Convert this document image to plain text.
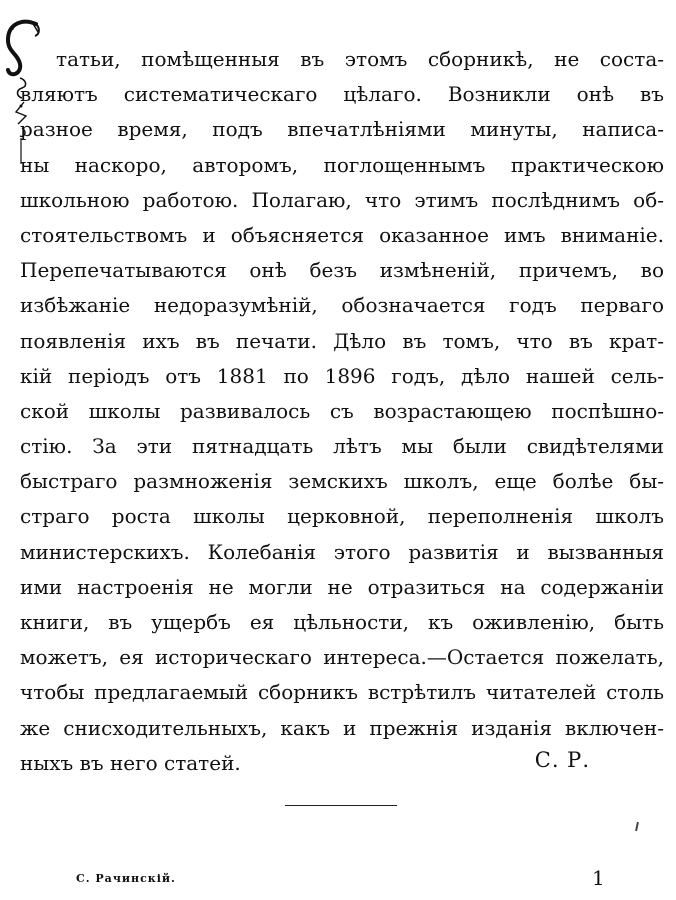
татьи, помѣщенныя въ этомъ сборникѣ, не соста-
вляютъ систематическаго цѣлаго. Возникли онѣ въ
разное время, подъ впечатлѣніями минуты, написа-
ны наскоро, авторомъ, поглощеннымъ практическою
школьною работою. Полагаю, что этимъ послѣднимъ об-
стоятельствомъ и объясняется оказанное имъ вниманіе.
Перепечатываются онѣ безъ измѣненій, причемъ, во
избѣжаніе недоразумѣній, обозначается годъ перваго
появленія ихъ въ печати. Дѣло въ томъ, что въ крат-
кій періодъ отъ 1881 по 1896 годъ, дѣло нашей сель-
ской школы развивалось съ возрастающею поспѣшно-
стію. За эти пятнадцать лѣтъ мы были свидѣтелями
быстраго размноженія земскихъ школъ, еще болѣе бы-
страго роста школы церковной, переполненія школъ
министерскихъ. Колебанія этого развитія и вызванныя
ими настроенія не могли не отразиться на содержаніи
книги, въ ущербъ ея цѣльности, къ оживленію, быть
можетъ, ея историческаго интереса.—Остается пожелать,
чтобы предлагаемый сборникъ встрѣтилъ читателей столь
же снисходительныхъ, какъ и прежнія изданія включен-
ныхъ въ него статей.	С. Р.
С. Рачинскій.	1
